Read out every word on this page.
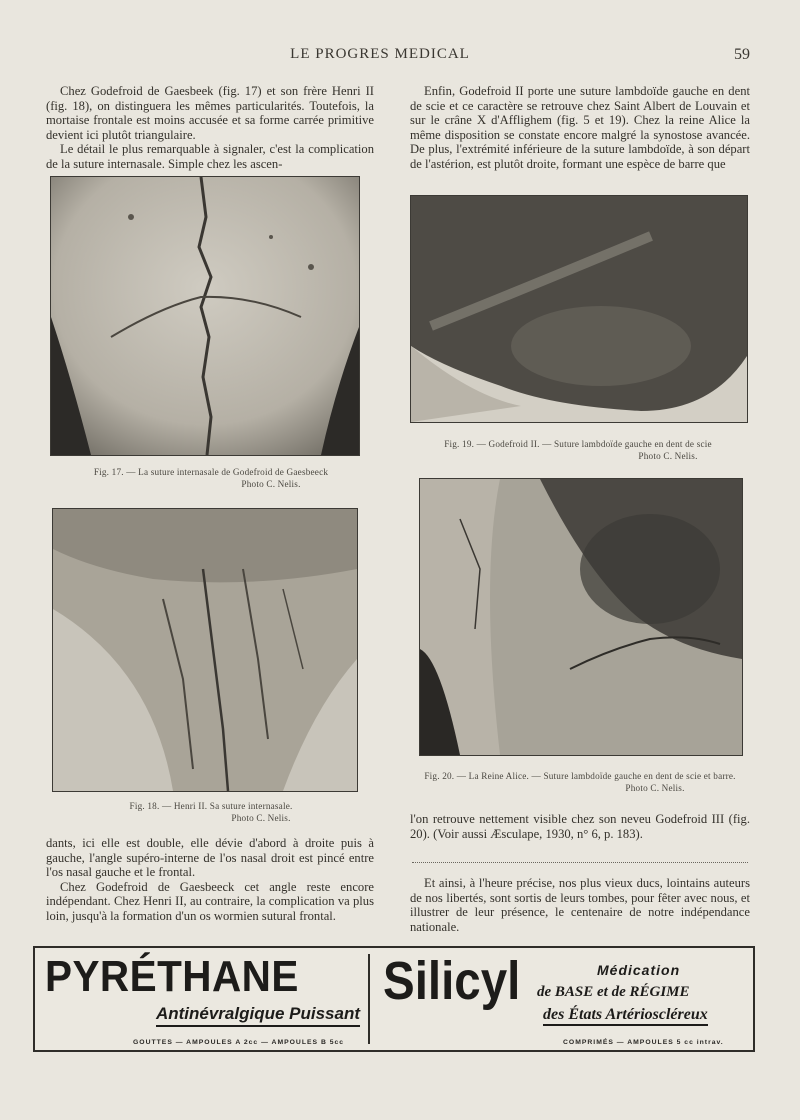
LE PROGRES MEDICAL	59

Chez Godefroid de Gaesbeek (fig. 17) et son frère Henri II (fig. 18), on distinguera les mêmes particularités. Toutefois, la mortaise frontale est moins accusée et sa forme carrée primitive devient ici plutôt triangulaire.

Le détail le plus remarquable à signaler, c'est la complication de la suture internasale. Simple chez les ascen-

Enfin, Godefroid II porte une suture lambdoïde gauche en dent de scie et ce caractère se retrouve chez Saint Albert de Louvain et sur le crâne X d'Afflighem (fig. 5 et 19). Chez la reine Alice la même disposition se constate encore malgré la synostose avancée. De plus, l'extrémité inférieure de la suture lambdoïde, à son départ de l'astérion, est plutôt droite, formant une espèce de barre que

Fig. 17. — La suture internasale de Godefroid de Gaesbeeck
Photo C. Nelis.
Fig. 18. — Henri II. Sa suture internasale.
Photo C. Nelis.
Fig. 19. — Godefroid II. — Suture lambdoïde gauche en dent de scie
Photo C. Nelis.
Fig. 20. — La Reine Alice. — Suture lambdoïde gauche en dent de scie et barre.
Photo C. Nelis.

dants, ici elle est double, elle dévie d'abord à droite puis à gauche, l'angle supéro-interne de l'os nasal droit est pincé entre l'os nasal gauche et le frontal.

Chez Godefroid de Gaesbeeck cet angle reste encore indépendant. Chez Henri II, au contraire, la complication va plus loin, jusqu'à la formation d'un os wormien sutural frontal.

l'on retrouve nettement visible chez son neveu Godefroid III (fig. 20). (Voir aussi Æsculape, 1930, n° 6, p. 183).

Et ainsi, à l'heure précise, nos plus vieux ducs, lointains auteurs de nos libertés, sont sortis de leurs tombes, pour fêter avec nous, et illustrer de leur présence, le centenaire de notre indépendance nationale.

PYRÉTHANE
Antinévralgique Puissant
GOUTTES — AMPOULES A 2cc — AMPOULES B 5cc
Silicyl	Médication
de BASE et de RÉGIME
des États Artérioscléreux
COMPRIMÉS — AMPOULES 5 cc intrav.
